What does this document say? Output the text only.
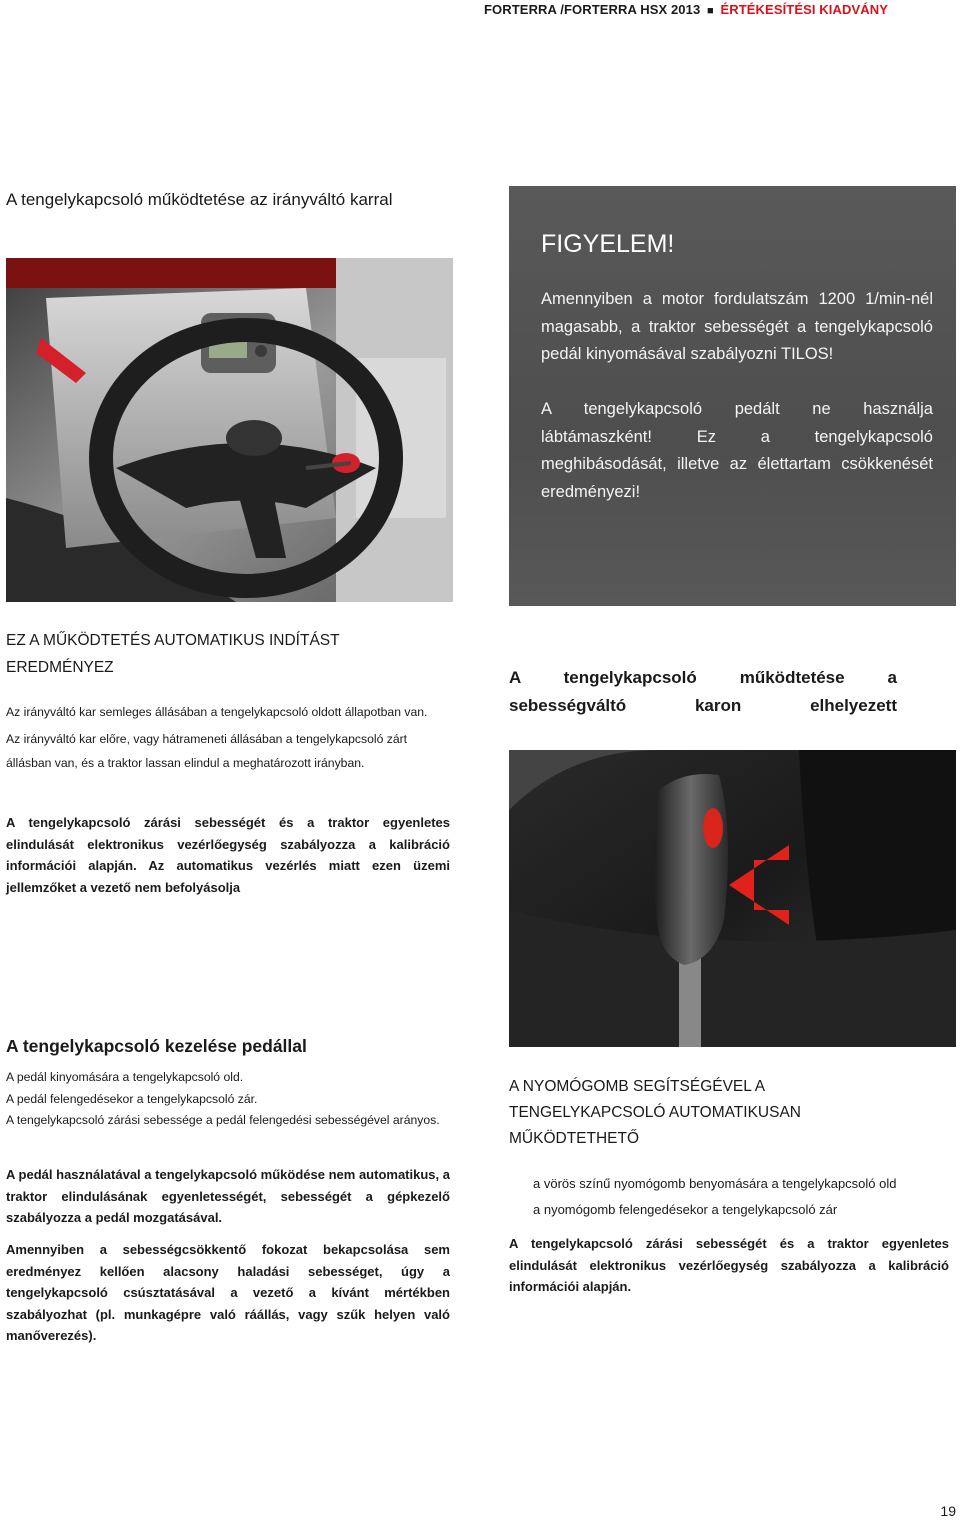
FORTERRA /FORTERRA HSX 2013 ■ ÉRTÉKESÍTÉSI KIADVÁNY
A tengelykapcsoló működtetése az irányváltó karral
FIGYELEM!
Amennyiben a motor fordulatszám 1200 1/min-nél magasabb, a traktor sebességét a tengelykapcsoló pedál kinyomásával szabályozni TILOS!
A tengelykapcsoló pedált ne használja lábtámaszként! Ez a tengelykapcsoló meghibásodását, illetve az élettartam csökkenését eredményezi!
EZ A MŰKÖDTETÉS AUTOMATIKUS INDÍTÁST EREDMÉNYEZ
Az irányváltó kar semleges állásában a tengelykapcsoló oldott állapotban van.
Az irányváltó kar előre, vagy hátrameneti állásában a tengelykapcsoló zárt állásban van, és a traktor lassan elindul a meghatározott irányban.
A tengelykapcsoló zárási sebességét és a traktor egyenletes elindulását elektronikus vezérlőegység szabályozza a kalibráció információi alapján. Az automatikus vezérlés miatt ezen üzemi jellemzőket a vezető nem befolyásolja
A tengelykapcsoló működtetése a sebességváltó karon elhelyezett
A tengelykapcsoló kezelése pedállal
A pedál kinyomására a tengelykapcsoló old.
A pedál felengedésekor a tengelykapcsoló zár.
A tengelykapcsoló zárási sebessége a pedál felengedési sebességével arányos.
A pedál használatával a tengelykapcsoló működése nem automatikus, a traktor elindulásának egyenletességét, sebességét a gépkezelő szabályozza a pedál mozgatásával.
Amennyiben a sebességcsökkentő fokozat bekapcsolása sem eredményez kellően alacsony haladási sebességet, úgy a tengelykapcsoló csúsztatásával a vezető a kívánt mértékben szabályozhat (pl. munkagépre való ráállás, vagy szűk helyen való manőverezés).
A NYOMÓGOMB SEGÍTSÉGÉVEL A TENGELYKAPCSOLÓ AUTOMATIKUSAN MŰKÖDTETHETŐ
a vörös színű nyomógomb benyomására a tengelykapcsoló old
a nyomógomb felengedésekor a tengelykapcsoló zár
A tengelykapcsoló zárási sebességét és a traktor egyenletes elindulását elektronikus vezérlőegység szabályozza a kalibráció információi alapján.
19
